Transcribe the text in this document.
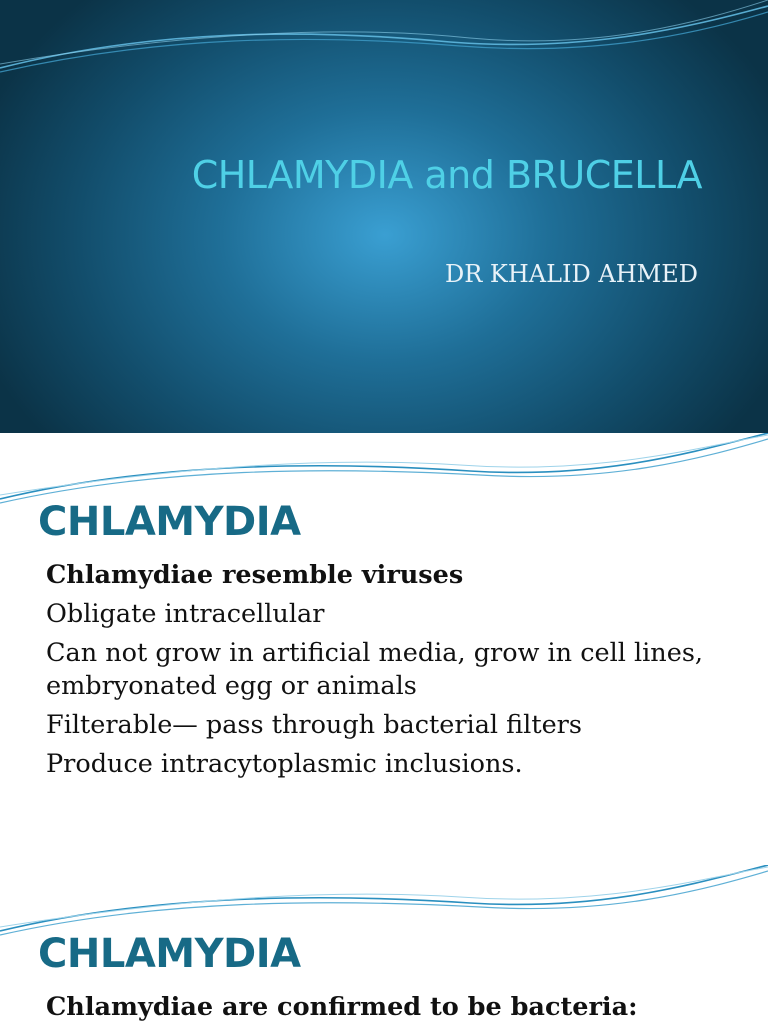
CHLAMYDIA and BRUCELLA
DR KHALID AHMED
CHLAMYDIA
Chlamydiae resemble viruses
Obligate intracellular
Can not grow in artificial media, grow in cell lines, embryonated egg or animals
Filterable— pass through bacterial filters
Produce intracytoplasmic inclusions.
CHLAMYDIA
Chlamydiae are confirmed to be bacteria:
